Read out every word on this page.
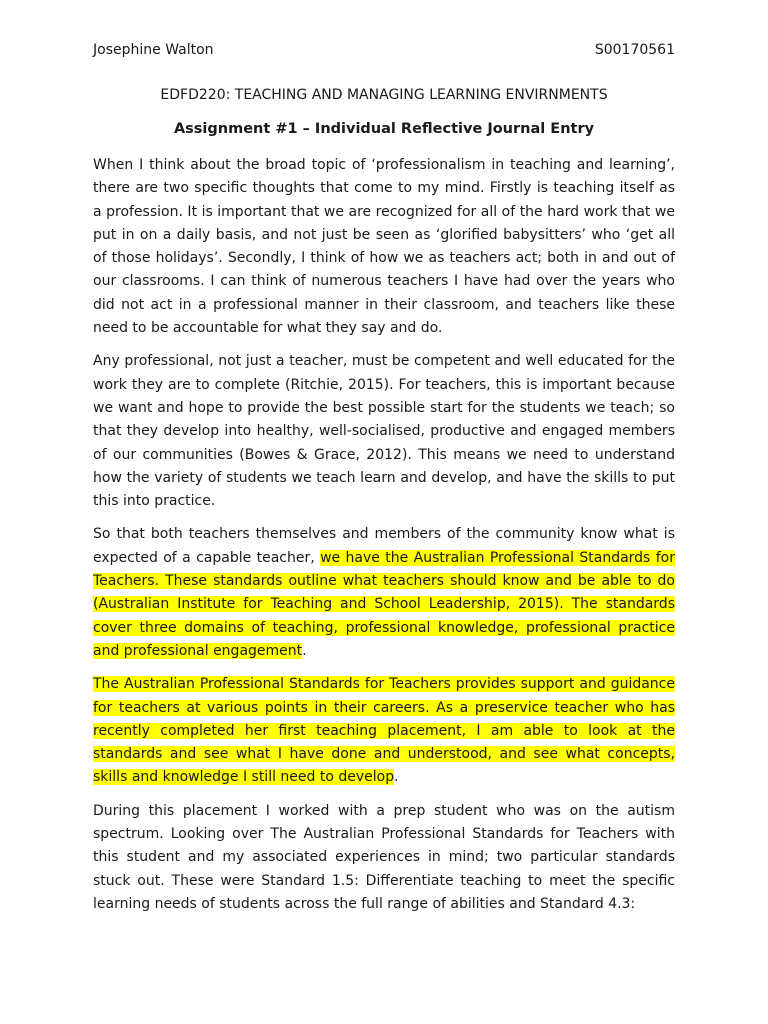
Josephine Walton	S00170561
EDFD220: TEACHING AND MANAGING LEARNING ENVIRNMENTS
Assignment #1 – Individual Reflective Journal Entry

When I think about the broad topic of ‘professionalism in teaching and learning’, there are two specific thoughts that come to my mind. Firstly is teaching itself as a profession. It is important that we are recognized for all of the hard work that we put in on a daily basis, and not just be seen as ‘glorified babysitters’ who ‘get all of those holidays’. Secondly, I think of how we as teachers act; both in and out of our classrooms. I can think of numerous teachers I have had over the years who did not act in a professional manner in their classroom, and teachers like these need to be accountable for what they say and do.

Any professional, not just a teacher, must be competent and well educated for the work they are to complete (Ritchie, 2015). For teachers, this is important because we want and hope to provide the best possible start for the students we teach; so that they develop into healthy, well-socialised, productive and engaged members of our communities (Bowes & Grace, 2012). This means we need to understand how the variety of students we teach learn and develop, and have the skills to put this into practice.

So that both teachers themselves and members of the community know what is expected of a capable teacher, we have the Australian Professional Standards for Teachers. These standards outline what teachers should know and be able to do (Australian Institute for Teaching and School Leadership, 2015). The standards cover three domains of teaching, professional knowledge, professional practice and professional engagement.

The Australian Professional Standards for Teachers provides support and guidance for teachers at various points in their careers. As a preservice teacher who has recently completed her first teaching placement, I am able to look at the standards and see what I have done and understood, and see what concepts, skills and knowledge I still need to develop.

During this placement I worked with a prep student who was on the autism spectrum. Looking over The Australian Professional Standards for Teachers with this student and my associated experiences in mind; two particular standards stuck out. These were Standard 1.5: Differentiate teaching to meet the specific learning needs of students across the full range of abilities and Standard 4.3:
